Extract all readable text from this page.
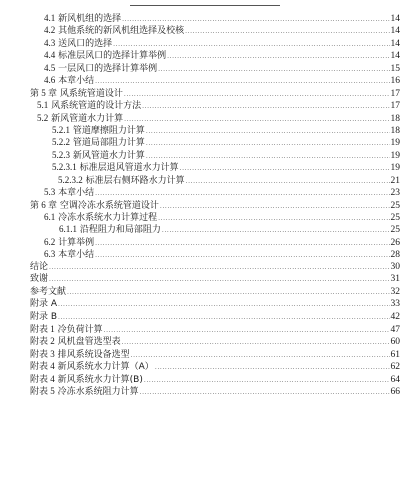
4.1 新风机组的选择 .....	14
4.2 其他系统的新风机组选择及校核 .....	14
4.3 送风口的选择 .....	14
4.4 标准层风口的选择计算举例 .....	14
4.5 一层风口的选择计算举例 .....	15
4.6 本章小结 .....	16
第 5 章 风系统管道设计 .....	17
5.1 风系统管道的设计方法 .....	17
5.2 新风管道水力计算 .....	18
5.2.1 管道摩擦阻力计算 .....	18
5.2.2 管道局部阻力计算 .....	19
5.2.3 新风管道水力计算 .....	19
5.2.3.1 标准层退风管道水力计算 .....	19
5.2.3.2 标准层右侧环路水力计算 .....	21
5.3 本章小结 .....	23
第 6 章 空调冷冻水系统管道设计 .....	25
6.1 冷冻水系统水力计算过程 .....	25
6.1.1 沿程阻力和局部阻力 .....	25
6.2 计算举例 .....	26
6.3 本章小结 .....	28
结论 .....	30
致谢 .....	31
参考文献 .....	32
附录 A .....	33
附录 B .....	42
附表 1 冷负荷计算 .....	47
附表 2 风机盘管选型表 .....	60
附表 3 排风系统设备选型 .....	61
附表 4 新风系统水力计算（A） .....	62
附表 4 新风系统水力计算(B) .....	64
附表 5 冷冻水系统阻力计算 .....	66
